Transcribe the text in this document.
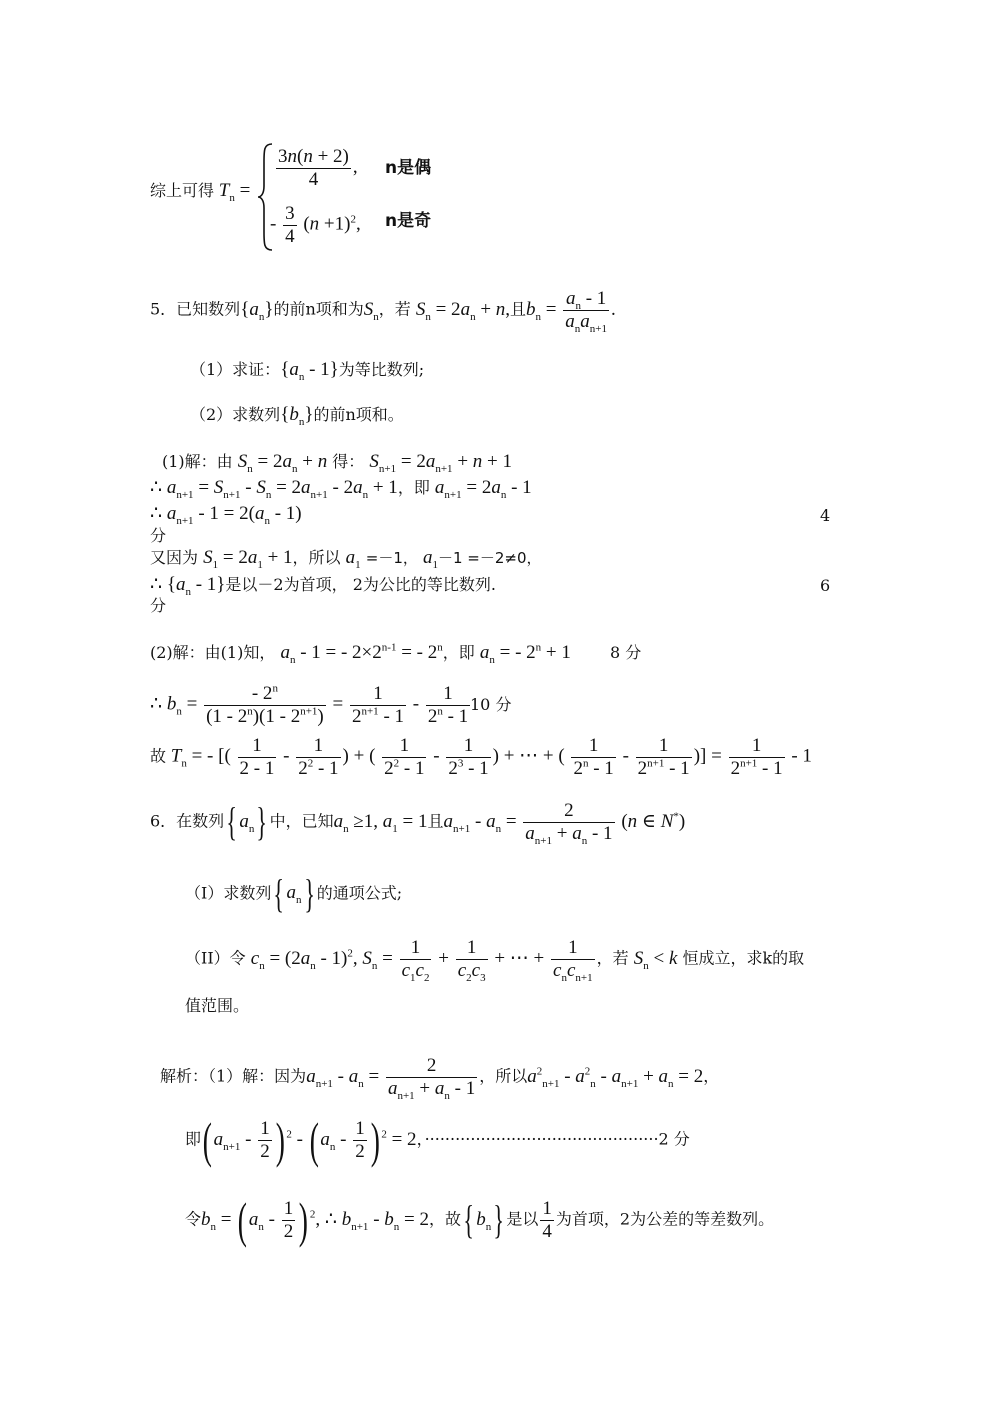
综上可得 $T_n = \frac{3n(n + 2)}{4}$ , n是偶
- $\frac{3}{4} (n +1)^2$, n是奇
5．已知数列$\{a_n\}$的前n项和为$S_n$，若 $S_n = 2a_n + n$,且$b_n = \frac{a_n - 1}{a_na_{n+1}}$ .
（1）求证：$\{a_n - 1\}$为等比数列;
（2）求数列$\{b_n\}$的前n项和。
(1)解：由 $S_n = 2a_n + n$ 得： $S_{n+1} = 2a_{n+1} + n + 1$
∴ $a_{n+1} = S_{n+1} - S_n = 2a_{n+1} - 2a_n + 1$，即 $a_{n+1} = 2a_n - 1$
∴ $a_{n+1} - 1 = 2(a_n - 1)$	4
分
又因为 $S_1 = 2a_1 + 1$，所以 $a_1 =-1$， $a_1-1 =-2\ne 0$，
∴ $\{a_n - 1\}$是以－2为首项， 2为公比的等比数列.	6
分
(2)解：由(1)知， $a_n - 1$ = - $2\times 2^{n-1}$ = - 2$^n$，即 $a_n$ = - $2^n + 1$ 8 分
∴ $b_n = \frac{- 2^n}{(1 - 2^n)(1 - 2^{n+1})} = \frac{1}{2^{n+1} - 1} - \frac{1}{2^n - 1} 10$ 分
故 $T_n$ = - [( $\frac{1}{2 - 1} - \frac{1}{2^2 - 1}$ ) + ( $\frac{1}{2^2 - 1} - \frac{1}{2^3 - 1}$ ) + ⋯ + ( $\frac{1}{2^n - 1} - \frac{1}{2^{n+1} - 1}$ )] = $\frac{1}{2^{n+1} - 1} - 1$
6．在数列{ $a_n$} 中，已知$a_n \ge 1$, $a_1 = 1$且$a_{n+1} - a_n = \frac{2}{a_{n+1} + a_n - 1} (n$ ∈ N*)
（I）求数列{ $a_n$} 的通项公式;
（II）令 $c_n = (2a_n - 1)^2$, $S_n = \frac{1}{c_1c_2} + \frac{1}{c_2c_3}$ + ⋯ + $\frac{1}{c_nc_{n+1}}$ ，若 $S_n < k$ 恒成立，求k的取
值范围。
解析：（1）解：因为$a_{n+1} - a_n = \frac{2}{a_{n+1} + a_n - 1}$ ，所以$a^2_{n+1} - a^2_n - a_{n+1} + a_n = 2$，
即($a_{n+1} - \frac{1}{2}$ ) $^2 - (a_n - \frac{1}{2}$ ) $^2$ = 2，··············································2 分
令$b_n = (a_n - \frac{1}{2}$ ) $^2$, ∴ $b_{n+1} - b_n = 2$，故{ $b_n$} 是以 $\frac{1}{4}$ 为首项，2为公差的等差数列。
